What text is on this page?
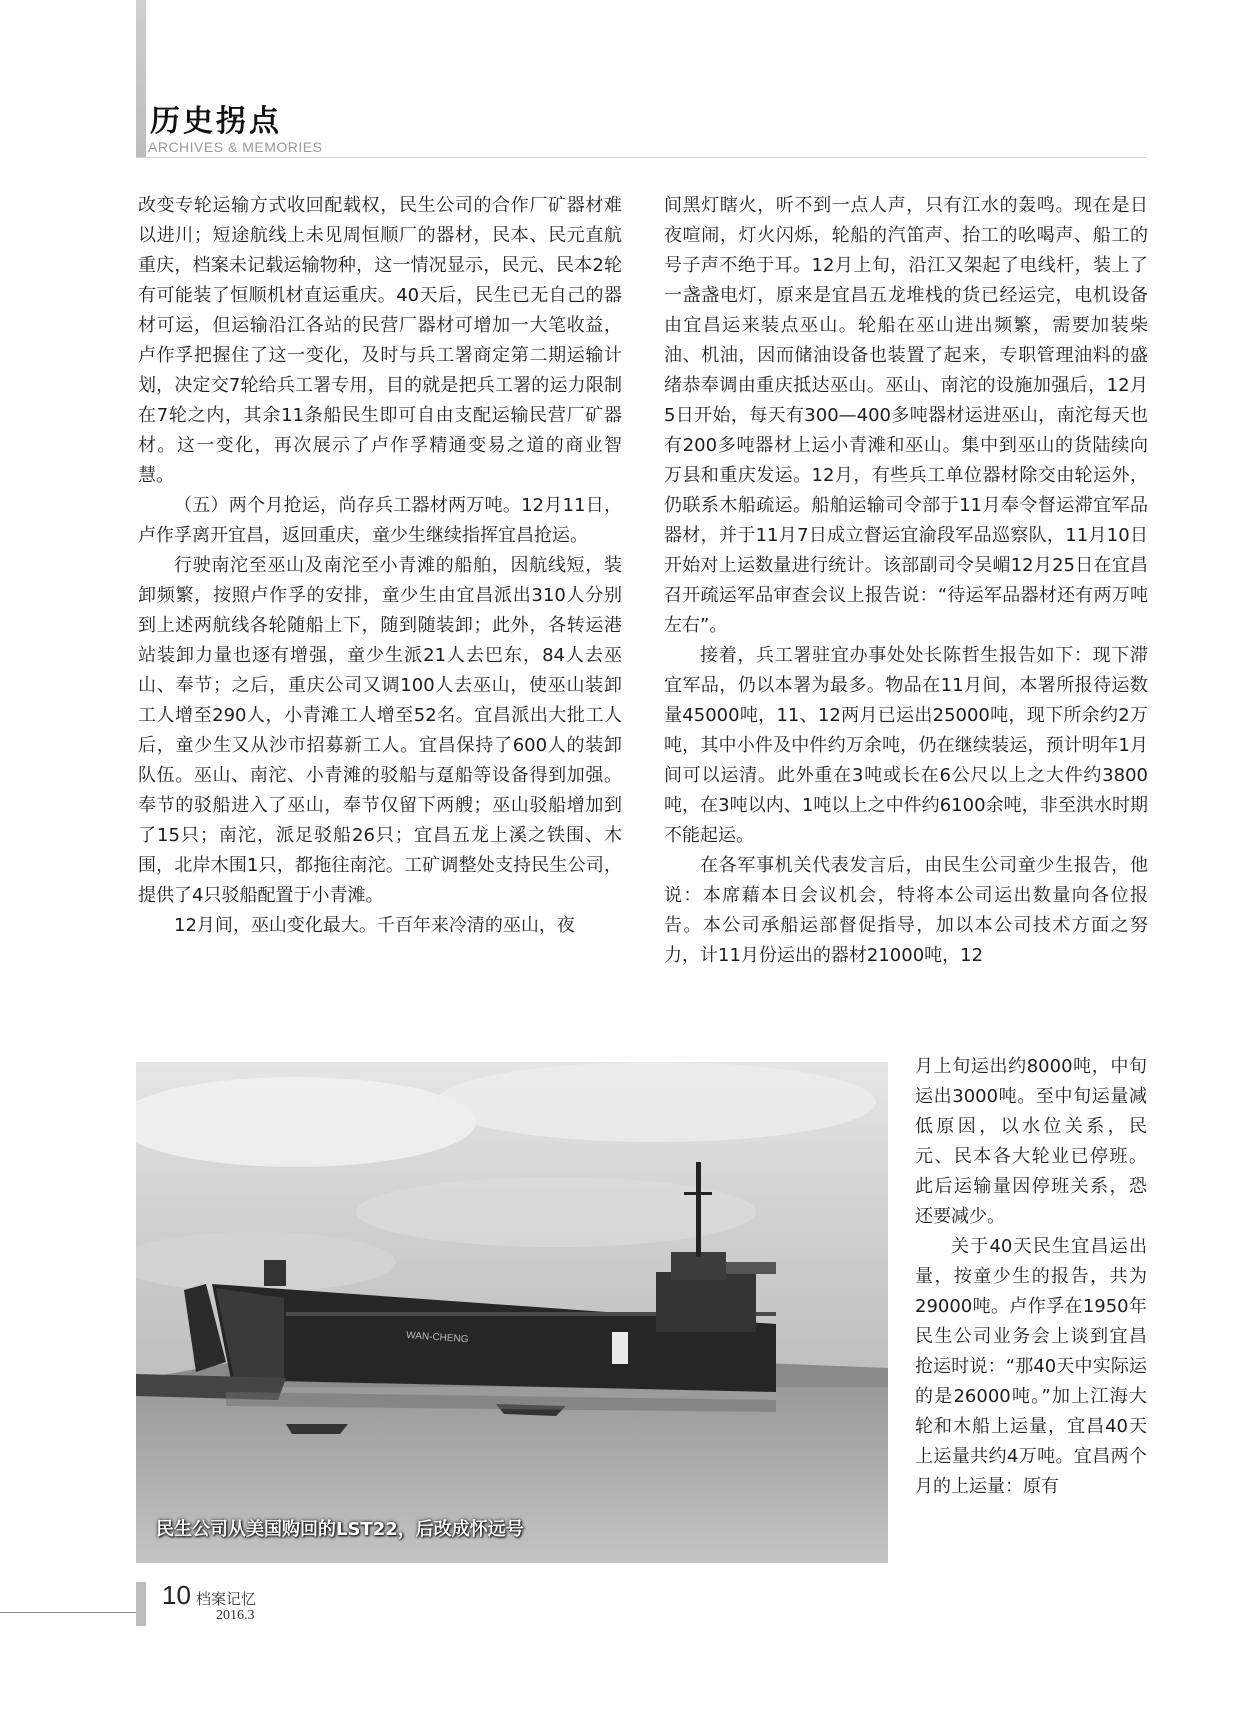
历史拐点
ARCHIVES & MEMORIES

改变专轮运输方式收回配载权，民生公司的合作厂矿器材难以进川；短途航线上未见周恒顺厂的器材，民本、民元直航重庆，档案未记载运输物种，这一情况显示，民元、民本2轮有可能装了恒顺机材直运重庆。40天后，民生已无自己的器材可运，但运输沿江各站的民营厂器材可增加一大笔收益，卢作孚把握住了这一变化，及时与兵工署商定第二期运输计划，决定交7轮给兵工署专用，目的就是把兵工署的运力限制在7轮之内，其余11条船民生即可自由支配运输民营厂矿器材。这一变化，再次展示了卢作孚精通变易之道的商业智慧。

（五）两个月抢运，尚存兵工器材两万吨。12月11日，卢作孚离开宜昌，返回重庆，童少生继续指挥宜昌抢运。

行驶南沱至巫山及南沱至小青滩的船舶，因航线短，装卸频繁，按照卢作孚的安排，童少生由宜昌派出310人分别到上述两航线各轮随船上下，随到随装卸；此外，各转运港站装卸力量也逐有增强，童少生派21人去巴东，84人去巫山、奉节；之后，重庆公司又调100人去巫山，使巫山装卸工人增至290人，小青滩工人增至52名。宜昌派出大批工人后，童少生又从沙市招募新工人。宜昌保持了600人的装卸队伍。巫山、南沱、小青滩的驳船与趸船等设备得到加强。奉节的驳船进入了巫山，奉节仅留下两艘；巫山驳船增加到了15只；南沱，派足驳船26只；宜昌五龙上溪之铁围、木围，北岸木围1只，都拖往南沱。工矿调整处支持民生公司，提供了4只驳船配置于小青滩。

12月间，巫山变化最大。千百年来冷清的巫山，夜

间黑灯瞎火，听不到一点人声，只有江水的轰鸣。现在是日夜喧闹，灯火闪烁，轮船的汽笛声、抬工的吆喝声、船工的号子声不绝于耳。12月上旬，沿江又架起了电线杆，装上了一盏盏电灯，原来是宜昌五龙堆栈的货已经运完，电机设备由宜昌运来装点巫山。轮船在巫山进出频繁，需要加装柴油、机油，因而储油设备也装置了起来，专职管理油料的盛绪恭奉调由重庆抵达巫山。巫山、南沱的设施加强后，12月5日开始，每天有300—400多吨器材运进巫山，南沱每天也有200多吨器材上运小青滩和巫山。集中到巫山的货陆续向万县和重庆发运。12月，有些兵工单位器材除交由轮运外，仍联系木船疏运。船舶运输司令部于11月奉令督运滞宜军品器材，并于11月7日成立督运宜渝段军品巡察队，11月10日开始对上运数量进行统计。该部副司令吴嵋12月25日在宜昌召开疏运军品审查会议上报告说：“待运军品器材还有两万吨左右”。

接着，兵工署驻宜办事处处长陈哲生报告如下：现下滞宜军品，仍以本署为最多。物品在11月间，本署所报待运数量45000吨，11、12两月已运出25000吨，现下所余约2万吨，其中小件及中件约万余吨，仍在继续装运，预计明年1月间可以运清。此外重在3吨或长在6公尺以上之大件约3800吨，在3吨以内、1吨以上之中件约6100余吨，非至洪水时期不能起运。

在各军事机关代表发言后，由民生公司童少生报告，他说：本席藉本日会议机会，特将本公司运出数量向各位报告。本公司承船运部督促指导，加以本公司技术方面之努力，计11月份运出的器材21000吨，12

月上旬运出约8000吨，中旬运出3000吨。至中旬运量减低原因，以水位关系，民元、民本各大轮业已停班。此后运输量因停班关系，恐还要减少。

关于40天民生宜昌运出量，按童少生的报告，共为29000吨。卢作孚在1950年民生公司业务会上谈到宜昌抢运时说：“那40天中实际运的是26000吨。”加上江海大轮和木船上运量，宜昌40天上运量共约4万吨。宜昌两个月的上运量：原有

WAN-CHENG
民生公司从美国购回的LST22，后改成怀远号
10 档案记忆
2016.3
